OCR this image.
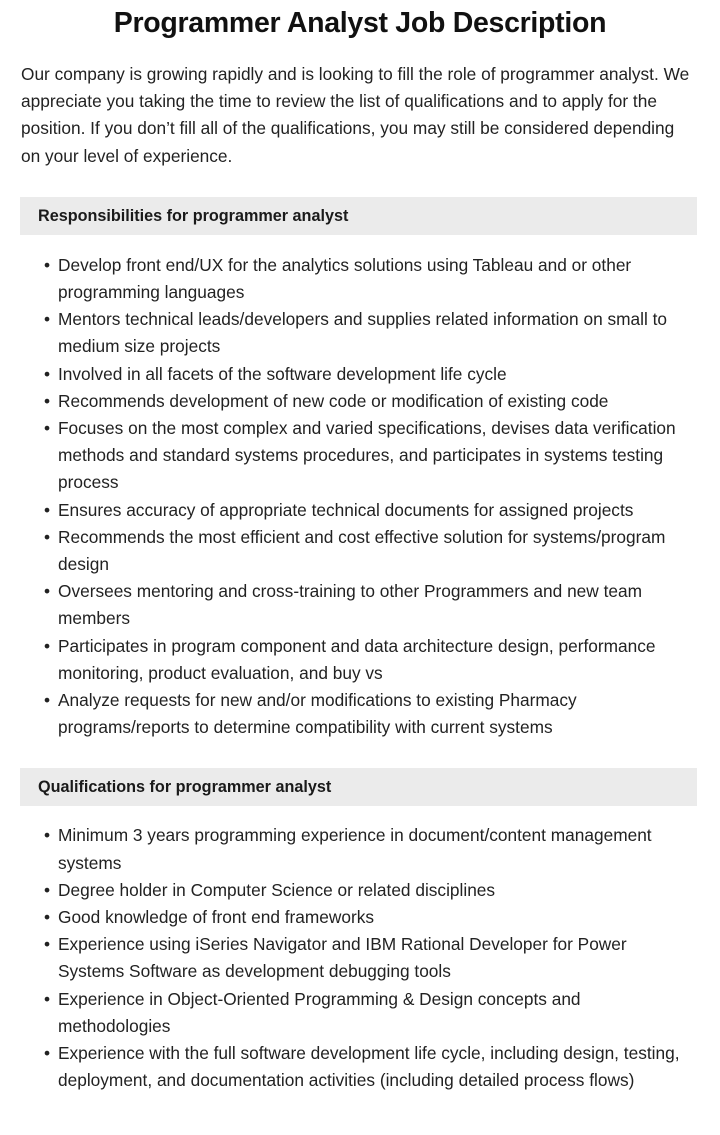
Programmer Analyst Job Description

Our company is growing rapidly and is looking to fill the role of programmer analyst. We appreciate you taking the time to review the list of qualifications and to apply for the position. If you don’t fill all of the qualifications, you may still be considered depending on your level of experience.

Responsibilities for programmer analyst
• Develop front end/UX for the analytics solutions using Tableau and or other programming languages
• Mentors technical leads/developers and supplies related information on small to medium size projects
• Involved in all facets of the software development life cycle
• Recommends development of new code or modification of existing code
• Focuses on the most complex and varied specifications, devises data verification methods and standard systems procedures, and participates in systems testing process
• Ensures accuracy of appropriate technical documents for assigned projects
• Recommends the most efficient and cost effective solution for systems/program design
• Oversees mentoring and cross-training to other Programmers and new team members
• Participates in program component and data architecture design, performance monitoring, product evaluation, and buy vs
• Analyze requests for new and/or modifications to existing Pharmacy programs/reports to determine compatibility with current systems
Qualifications for programmer analyst
• Minimum 3 years programming experience in document/content management systems
• Degree holder in Computer Science or related disciplines
• Good knowledge of front end frameworks
• Experience using iSeries Navigator and IBM Rational Developer for Power Systems Software as development debugging tools
• Experience in Object-Oriented Programming & Design concepts and methodologies
• Experience with the full software development life cycle, including design, testing, deployment, and documentation activities (including detailed process flows)
